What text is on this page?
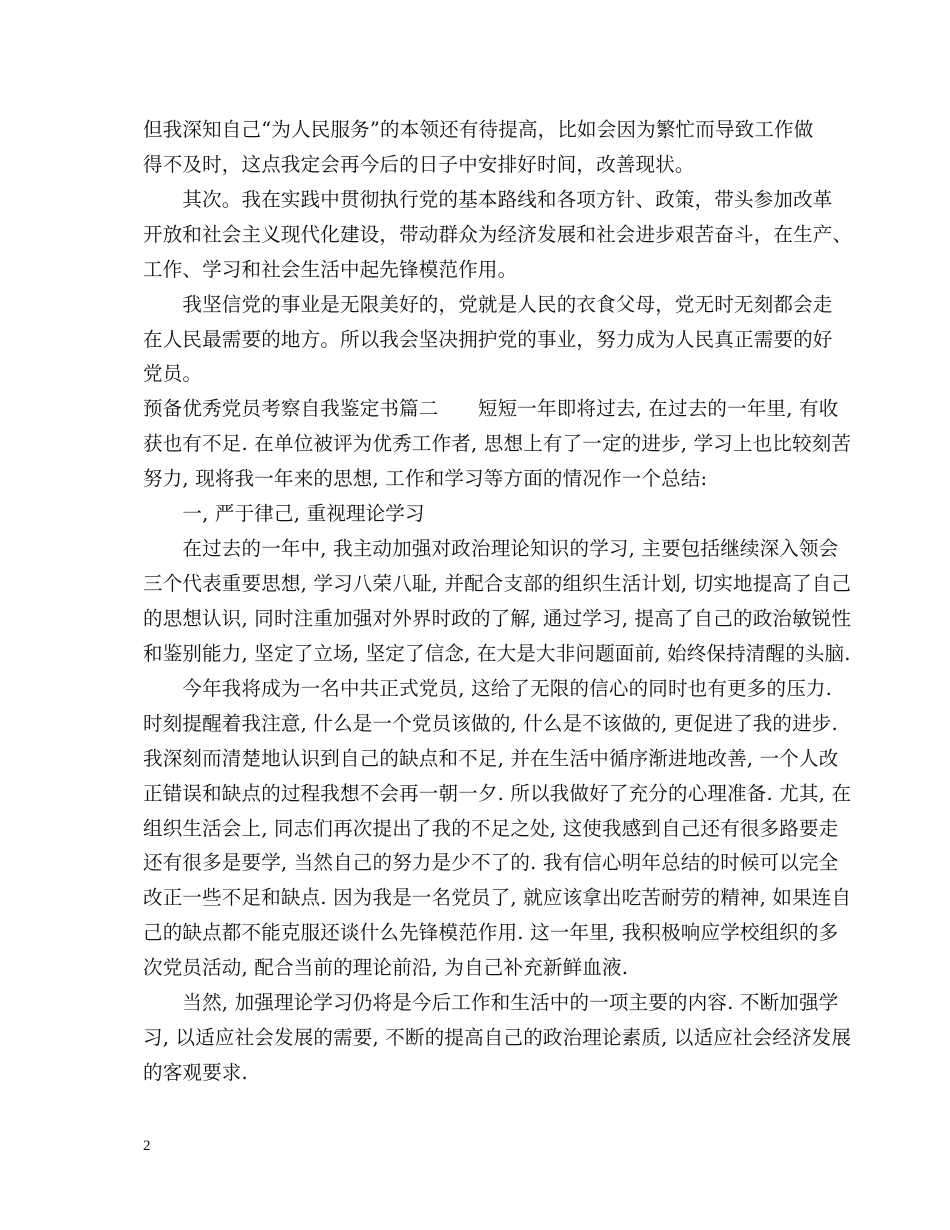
但我深知自己“为人民服务”的本领还有待提高，比如会因为繁忙而导致工作做
得不及时，这点我定会再今后的日子中安排好时间，改善现状。
　　其次。我在实践中贯彻执行党的基本路线和各项方针、政策，带头参加改革
开放和社会主义现代化建设，带动群众为经济发展和社会进步艰苦奋斗，在生产、
工作、学习和社会生活中起先锋模范作用。
　　我坚信党的事业是无限美好的，党就是人民的衣食父母，党无时无刻都会走
在人民最需要的地方。所以我会坚决拥护党的事业，努力成为人民真正需要的好
党员。
预备优秀党员考察自我鉴定书篇二　　短短一年即将过去, 在过去的一年里, 有收
获也有不足. 在单位被评为优秀工作者, 思想上有了一定的进步, 学习上也比较刻苦
努力, 现将我一年来的思想, 工作和学习等方面的情况作一个总结:
　　一, 严于律己, 重视理论学习
　　在过去的一年中, 我主动加强对政治理论知识的学习, 主要包括继续深入领会
三个代表重要思想, 学习八荣八耻, 并配合支部的组织生活计划, 切实地提高了自己
的思想认识, 同时注重加强对外界时政的了解, 通过学习, 提高了自己的政治敏锐性
和鉴别能力, 坚定了立场, 坚定了信念, 在大是大非问题面前, 始终保持清醒的头脑.
　　今年我将成为一名中共正式党员, 这给了无限的信心的同时也有更多的压力.
时刻提醒着我注意, 什么是一个党员该做的, 什么是不该做的, 更促进了我的进步.
我深刻而清楚地认识到自己的缺点和不足, 并在生活中循序渐进地改善, 一个人改
正错误和缺点的过程我想不会再一朝一夕. 所以我做好了充分的心理准备. 尤其, 在
组织生活会上, 同志们再次提出了我的不足之处, 这使我感到自己还有很多路要走
还有很多是要学, 当然自己的努力是少不了的. 我有信心明年总结的时候可以完全
改正一些不足和缺点. 因为我是一名党员了, 就应该拿出吃苦耐劳的精神, 如果连自
己的缺点都不能克服还谈什么先锋模范作用. 这一年里, 我积极响应学校组织的多
次党员活动, 配合当前的理论前沿, 为自己补充新鲜血液.
　　当然, 加强理论学习仍将是今后工作和生活中的一项主要的内容. 不断加强学
习, 以适应社会发展的需要, 不断的提高自己的政治理论素质, 以适应社会经济发展
的客观要求.
2
